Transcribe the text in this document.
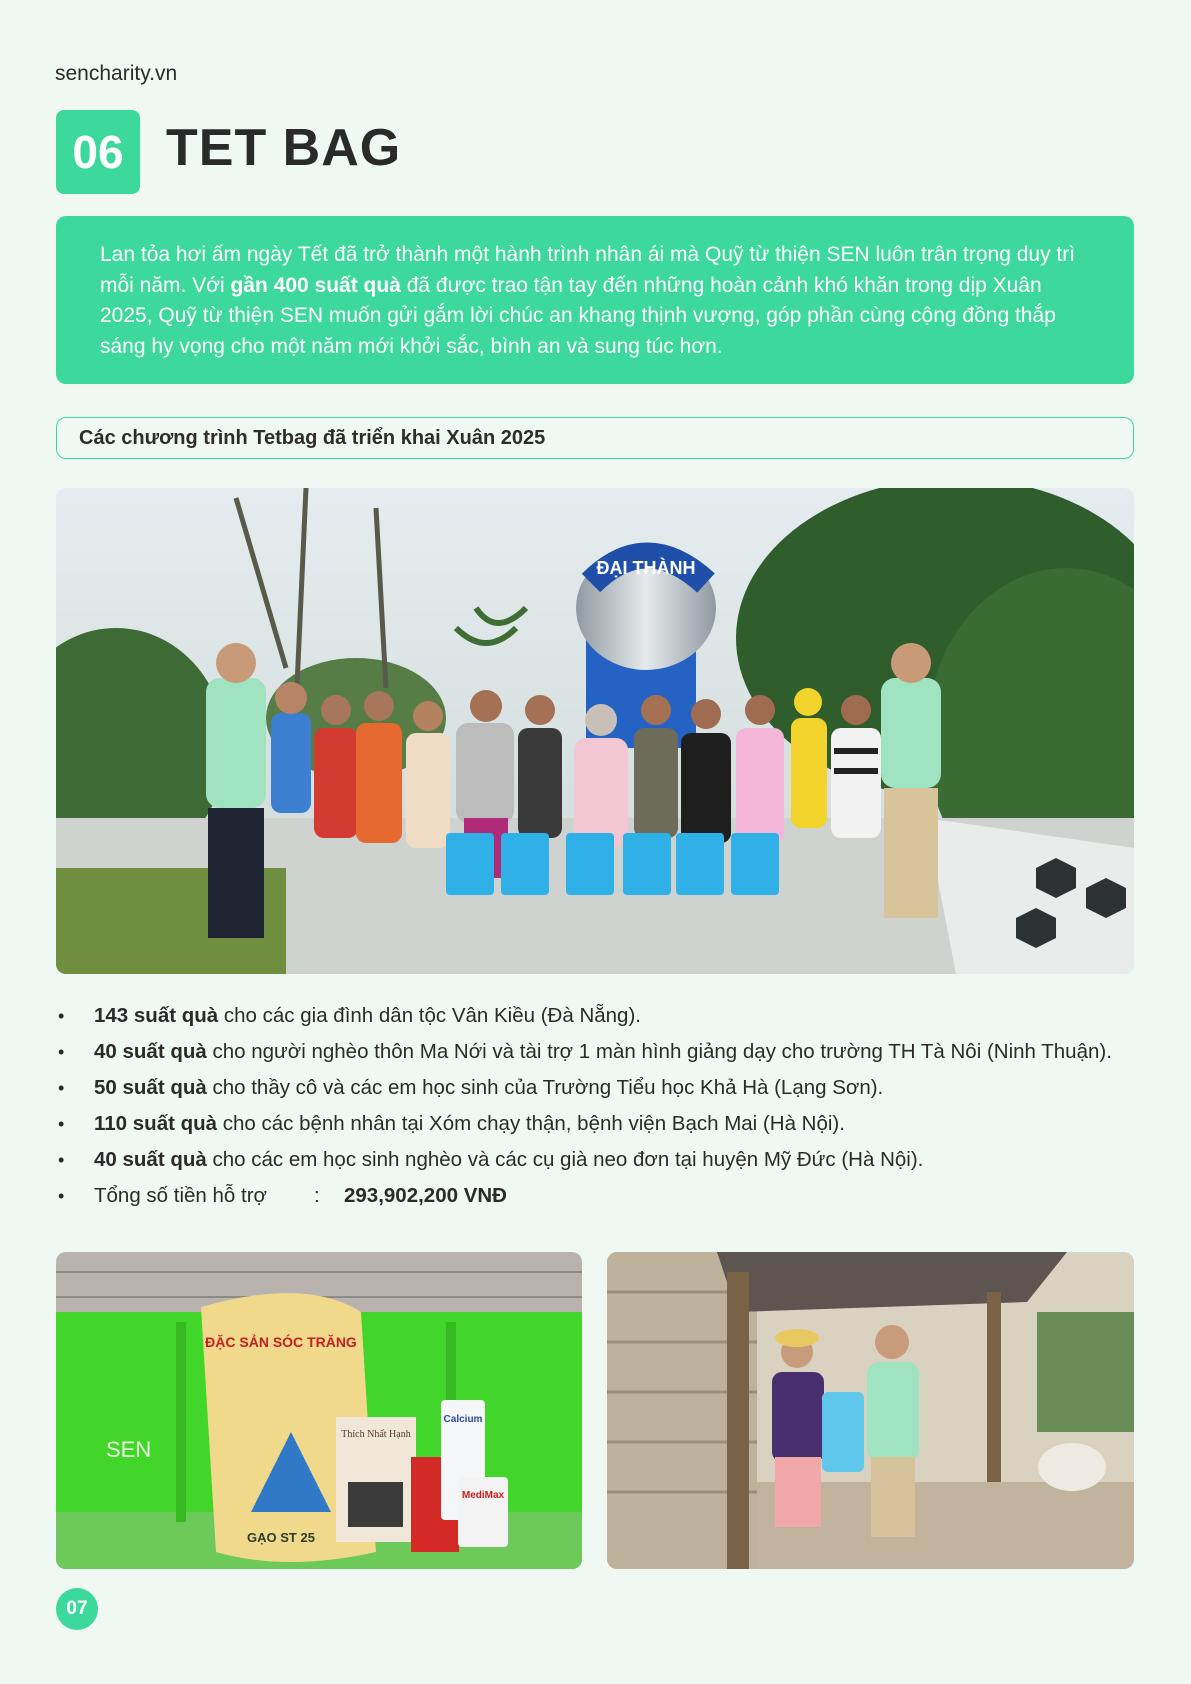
sencharity.vn
06 TET BAG
Lan tỏa hơi ấm ngày Tết đã trở thành một hành trình nhân ái mà Quỹ từ thiện SEN luôn trân trọng duy trì mỗi năm. Với gần 400 suất quà đã được trao tận tay đến những hoàn cảnh khó khăn trong dịp Xuân 2025, Quỹ từ thiện SEN muốn gửi gắm lời chúc an khang thịnh vượng, góp phần cùng cộng đồng thắp sáng hy vọng cho một năm mới khởi sắc, bình an và sung túc hơn.
Các chương trình Tetbag đã triển khai Xuân 2025
ĐẠI THÀNH
•	143 suất quà cho các gia đình dân tộc Vân Kiều (Đà Nẵng).
•	40 suất quà cho người nghèo thôn Ma Nới và tài trợ 1 màn hình giảng dạy cho trường TH Tà Nôi (Ninh Thuận).
•	50 suất quà cho thầy cô và các em học sinh của Trường Tiểu học Khả Hà (Lạng Sơn).
•	110 suất quà cho các bệnh nhân tại Xóm chạy thận, bệnh viện Bạch Mai (Hà Nội).
•	40 suất quà cho các em học sinh nghèo và các cụ già neo đơn tại huyện Mỹ Đức (Hà Nội).
•	Tổng số tiền hỗ trợ : 293,902,200 VNĐ
SEN
ĐẶC SẢN SÓC TRĂNG
GẠO ST 25
Thích Nhất Hạnh
Calcium
MediMax
07
